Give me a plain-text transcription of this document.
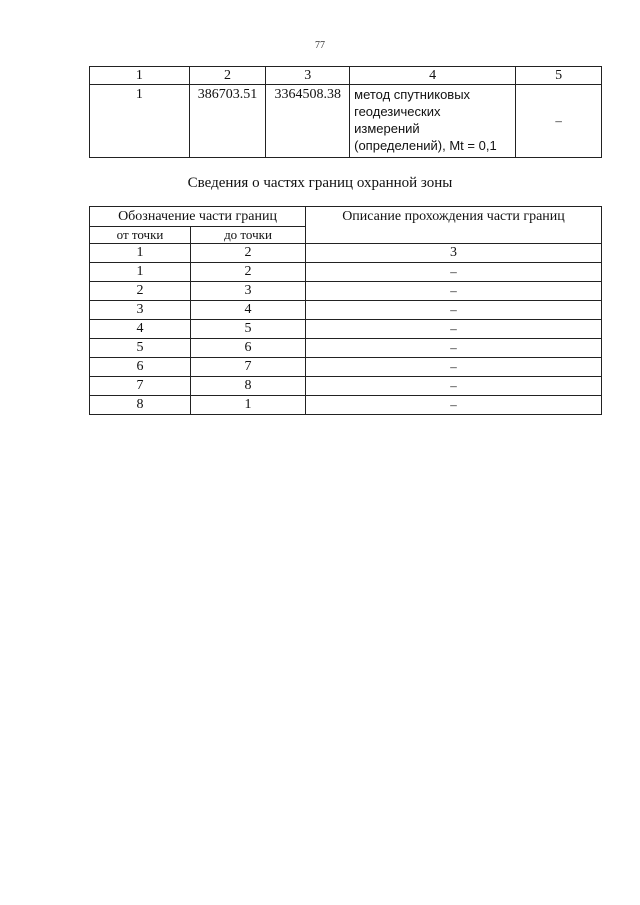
77
1	2	3	4	5
1	386703.51	3364508.38	метод спутниковых
геодезических
измерений
(определений), Mt = 0,1	–
Сведения о частях границ охранной зоны
Обозначение части границ		Описание прохождения части границ
от точки	до точки	
1	2	3
1	2	–
2	3	–
3	4	–
4	5	–
5	6	–
6	7	–
7	8	–
8	1	–
